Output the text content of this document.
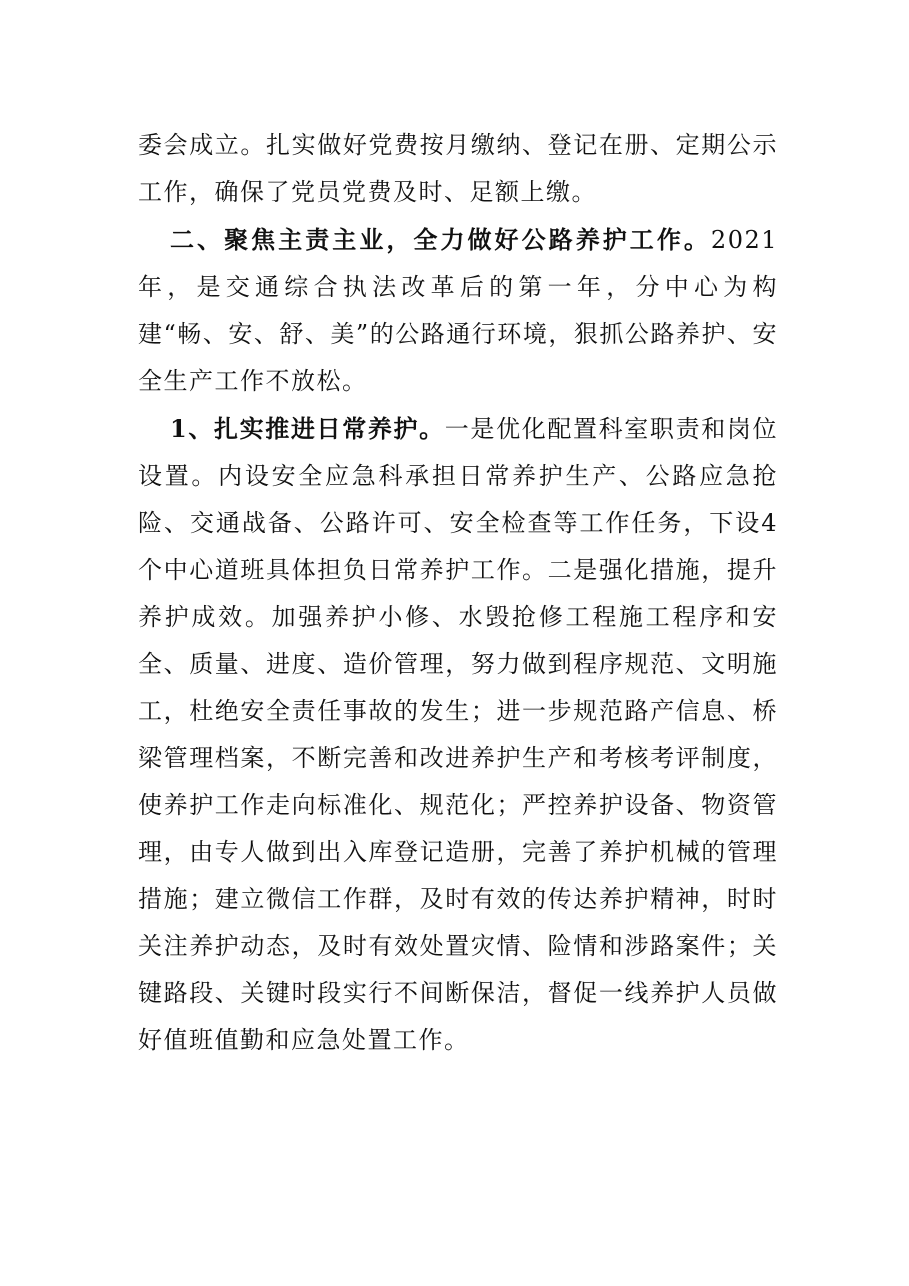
委会成立。扎实做好党费按月缴纳、登记在册、定期公示工作，确保了党员党费及时、足额上缴。

二、聚焦主责主业，全力做好公路养护工作。2021年，是交通综合执法改革后的第一年，分中心为构建“畅、安、舒、美”的公路通行环境，狠抓公路养护、安全生产工作不放松。

1、扎实推进日常养护。一是优化配置科室职责和岗位设置。内设安全应急科承担日常养护生产、公路应急抢险、交通战备、公路许可、安全检查等工作任务，下设4个中心道班具体担负日常养护工作。二是强化措施，提升养护成效。加强养护小修、水毁抢修工程施工程序和安全、质量、进度、造价管理，努力做到程序规范、文明施工，杜绝安全责任事故的发生；进一步规范路产信息、桥梁管理档案，不断完善和改进养护生产和考核考评制度，使养护工作走向标准化、规范化；严控养护设备、物资管理，由专人做到出入库登记造册，完善了养护机械的管理措施；建立微信工作群，及时有效的传达养护精神，时时关注养护动态，及时有效处置灾情、险情和涉路案件；关键路段、关键时段实行不间断保洁，督促一线养护人员做好值班值勤和应急处置工作。
